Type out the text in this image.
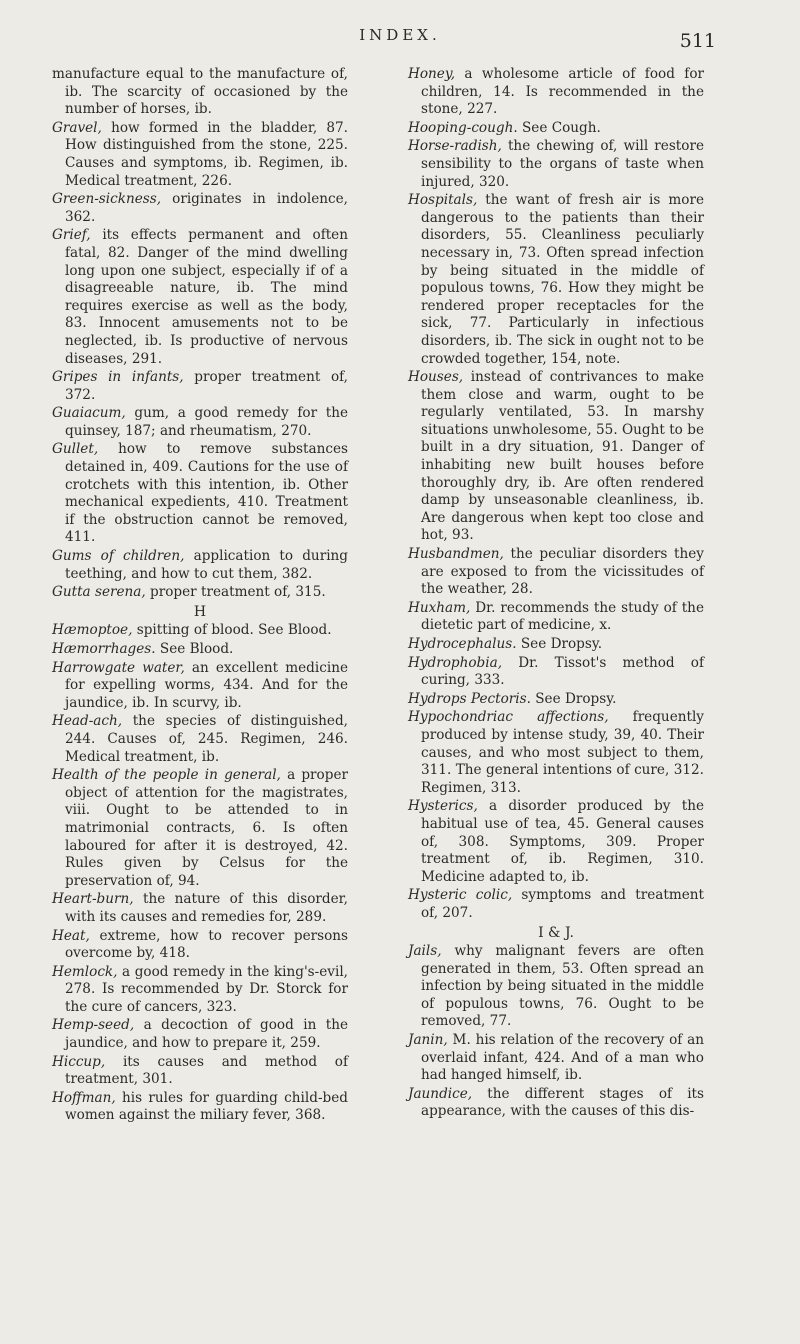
INDEX.	511

manufacture equal to the manufacture of, ib. The scarcity of occasioned by the number of horses, ib.

Gravel, how formed in the bladder, 87. How distinguished from the stone, 225. Causes and symptoms, ib. Regimen, ib. Medical treatment, 226.

Green-sickness, originates in indolence, 362.

Grief, its effects permanent and often fatal, 82. Danger of the mind dwelling long upon one subject, especially if of a disagreeable nature, ib. The mind requires exercise as well as the body, 83. Innocent amusements not to be neglected, ib. Is productive of nervous diseases, 291.

Gripes in infants, proper treatment of, 372.

Guaiacum, gum, a good remedy for the quinsey, 187; and rheumatism, 270.

Gullet, how to remove substances detained in, 409. Cautions for the use of crotchets with this intention, ib. Other mechanical expedients, 410. Treatment if the obstruction cannot be removed, 411.

Gums of children, application to during teething, and how to cut them, 382.

Gutta serena, proper treatment of, 315.

H

Hæmoptoe, spitting of blood. See Blood.

Hæmorrhages. See Blood.

Harrowgate water, an excellent medicine for expelling worms, 434. And for the jaundice, ib. In scurvy, ib.

Head-ach, the species of distinguished, 244. Causes of, 245. Regimen, 246. Medical treatment, ib.

Health of the people in general, a proper object of attention for the magistrates, viii. Ought to be attended to in matrimonial contracts, 6. Is often laboured for after it is destroyed, 42. Rules given by Celsus for the preservation of, 94.

Heart-burn, the nature of this disorder, with its causes and remedies for, 289.

Heat, extreme, how to recover persons overcome by, 418.

Hemlock, a good remedy in the king's-evil, 278. Is recommended by Dr. Storck for the cure of cancers, 323.

Hemp-seed, a decoction of good in the jaundice, and how to prepare it, 259.

Hiccup, its causes and method of treatment, 301.

Hoffman, his rules for guarding child-bed women against the miliary fever, 368.

Honey, a wholesome article of food for children, 14. Is recommended in the stone, 227.

Hooping-cough. See Cough.

Horse-radish, the chewing of, will restore sensibility to the organs of taste when injured, 320.

Hospitals, the want of fresh air is more dangerous to the patients than their disorders, 55. Cleanliness peculiarly necessary in, 73. Often spread infection by being situated in the middle of populous towns, 76. How they might be rendered proper receptacles for the sick, 77. Particularly in infectious disorders, ib. The sick in ought not to be crowded together, 154, note.

Houses, instead of contrivances to make them close and warm, ought to be regularly ventilated, 53. In marshy situations unwholesome, 55. Ought to be built in a dry situation, 91. Danger of inhabiting new built houses before thoroughly dry, ib. Are often rendered damp by unseasonable cleanliness, ib. Are dangerous when kept too close and hot, 93.

Husbandmen, the peculiar disorders they are exposed to from the vicissitudes of the weather, 28.

Huxham, Dr. recommends the study of the dietetic part of medicine, x.

Hydrocephalus. See Dropsy.

Hydrophobia, Dr. Tissot's method of curing, 333.

Hydrops Pectoris. See Dropsy.

Hypochondriac affections, frequently produced by intense study, 39, 40. Their causes, and who most subject to them, 311. The general intentions of cure, 312. Regimen, 313.

Hysterics, a disorder produced by the habitual use of tea, 45. General causes of, 308. Symptoms, 309. Proper treatment of, ib. Regimen, 310. Medicine adapted to, ib.

Hysteric colic, symptoms and treatment of, 207.

I & J.

Jails, why malignant fevers are often generated in them, 53. Often spread an infection by being situated in the middle of populous towns, 76. Ought to be removed, 77.

Janin, M. his relation of the recovery of an overlaid infant, 424. And of a man who had hanged himself, ib.

Jaundice, the different stages of its appearance, with the causes of this dis-
